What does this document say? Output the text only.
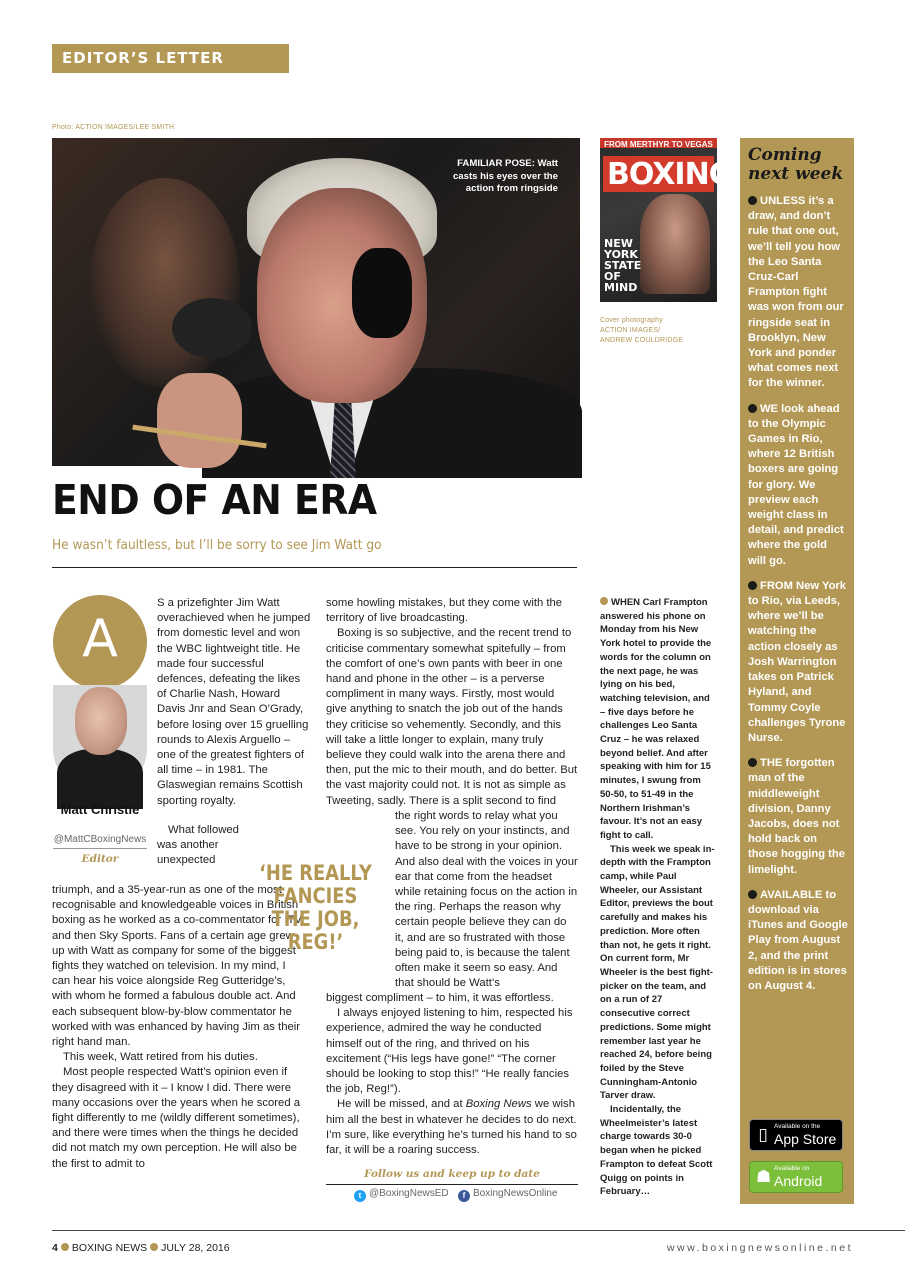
EDITOR’S LETTER
Photo: ACTION IMAGES/LEE SMITH
FAMILIAR POSE: Watt casts his eyes over the action from ringside
FROM MERTHYR TO VEGAS
BOXING
NEW YORK STATE OF MIND
Cover photography
ACTION IMAGES/
ANDREW COULDRIDGE
Coming next week
UNLESS it’s a draw, and don’t rule that one out, we’ll tell you how the Leo Santa Cruz-Carl Frampton fight was won from our ringside seat in Brooklyn, New York and ponder what comes next for the winner.
WE look ahead to the Olympic Games in Rio, where 12 British boxers are going for glory. We preview each weight class in detail, and predict where the gold will go.
FROM New York to Rio, via Leeds, where we’ll be watching the action closely as Josh Warrington takes on Patrick Hyland, and Tommy Coyle challenges Tyrone Nurse.
THE forgotten man of the middleweight division, Danny Jacobs, does not hold back on those hogging the limelight.
AVAILABLE to download via iTunes and Google Play from August 2, and the print edition is in stores on August 4.
▯ Available on the
App Store
☗ Available on
Android
END OF AN ERA
He wasn’t faultless, but I’ll be sorry to see Jim Watt go
A
Matt Christie
@MattCBoxingNews
Editor

S a prizefighter Jim Watt overachieved when he jumped from domestic level and won the WBC lightweight title. He made four successful defences, defeating the likes of Charlie Nash, Howard Davis Jnr and Sean O’Grady, before losing over 15 gruelling rounds to Alexis Arguello – one of the greatest fighters of all time – in 1981. The Glaswegian remains Scottish sporting royalty.

What followed was another unexpected

triumph, and a 35-year-run as one of the most recognisable and knowledgeable voices in British boxing as he worked as a co-commentator for ITV, and then Sky Sports. Fans of a certain age grew up with Watt as company for some of the biggest fights they watched on television. In my mind, I can hear his voice alongside Reg Gutteridge’s, with whom he formed a fabulous double act. And each subsequent blow-by-blow commentator he worked with was enhanced by having Jim as their right hand man.

This week, Watt retired from his duties.

Most people respected Watt’s opinion even if they disagreed with it – I know I did. There were many occasions over the years when he scored a fight differently to me (wildly different sometimes), and there were times when the things he decided did not match my own perception. He will also be the first to admit to

‘HE REALLY FANCIES THE JOB, REG!’

some howling mistakes, but they come with the territory of live broadcasting.

Boxing is so subjective, and the recent trend to criticise commentary somewhat spitefully – from the comfort of one’s own pants with beer in one hand and phone in the other – is a perverse compliment in many ways. Firstly, most would give anything to snatch the job out of the hands they criticise so vehemently. Secondly, and this will take a little longer to explain, many truly believe they could walk into the arena there and then, put the mic to their mouth, and do better. But the vast majority could not. It is not as simple as Tweeting, sadly. There is a split second to find

the right words to relay what you see. You rely on your instincts, and have to be strong in your opinion. And also deal with the voices in your ear that come from the headset while retaining focus on the action in the ring. Perhaps the reason why certain people believe they can do it, and are so frustrated with those being paid to, is because the talent often make it seem so easy. And that should be Watt’s

biggest compliment – to him, it was effortless.

I always enjoyed listening to him, respected his experience, admired the way he conducted himself out of the ring, and thrived on his excitement (“His legs have gone!” “The corner should be looking to stop this!” “He really fancies the job, Reg!”).

He will be missed, and at Boxing News we wish him all the best in whatever he decides to do next. I’m sure, like everything he’s turned his hand to so far, it will be a roaring success.

Follow us and keep up to date
t @BoxingNewsED	f BoxingNewsOnline

WHEN Carl Frampton answered his phone on Monday from his New York hotel to provide the words for the column on the next page, he was lying on his bed, watching television, and – five days before he challenges Leo Santa Cruz – he was relaxed beyond belief. And after speaking with him for 15 minutes, I swung from 50-50, to 51-49 in the Northern Irishman’s favour. It’s not an easy fight to call.

This week we speak in-depth with the Frampton camp, while Paul Wheeler, our Assistant Editor, previews the bout carefully and makes his prediction. More often than not, he gets it right. On current form, Mr Wheeler is the best fight-picker on the team, and on a run of 27 consecutive correct predictions. Some might remember last year he reached 24, before being foiled by the Steve Cunningham-Antonio Tarver draw.

Incidentally, the Wheelmeister’s latest charge towards 30-0 began when he picked Frampton to defeat Scott Quigg on points in February…

4 BOXING NEWS JULY 28, 2016	www.boxingnewsonline.net
